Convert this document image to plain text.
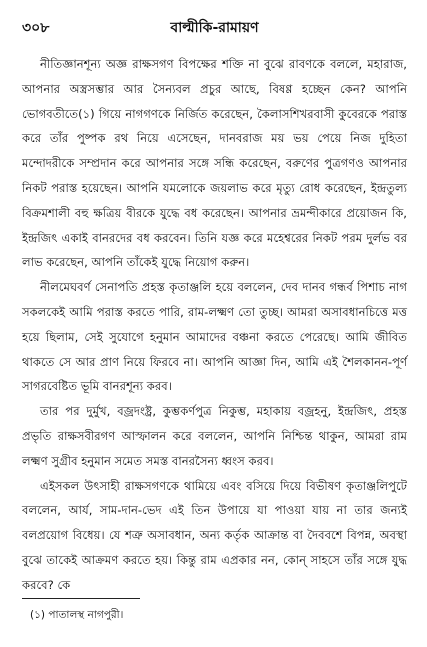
৩০৮	বাল্মীকি-রামায়ণ

নীতিজ্ঞানশূন্য অজ্ঞ রাক্ষসগণ বিপক্ষের শক্তি না বুঝে রাবণকে বললে, মহারাজ, আপনার অস্ত্রসম্ভার আর সৈন্যবল প্রচুর আছে, বিষণ্ণ হচ্ছেন কেন? আপনি ভোগবতীতে(১) গিয়ে নাগগণকে নির্জিত করেছেন, কৈলাসশিখরবাসী কুবেরকে পরাস্ত করে তাঁর পুষ্পক রথ নিয়ে এসেছেন, দানবরাজ ময় ভয় পেয়ে নিজ দুহিতা মন্দোদরীকে সম্প্রদান করে আপনার সঙ্গে সন্ধি করেছেন, বরুণের পুত্রগণও আপনার নিকট পরাস্ত হয়েছেন। আপনি যমলোকে জয়লাভ করে মৃত্যু রোধ করেছেন, ইন্দ্রতুল্য বিক্রমশালী বহু ক্ষত্রিয় বীরকে যুদ্ধে বধ করেছেন। আপনার ভ্রমন্দীকারে প্রয়োজন কি, ইন্দ্রজিৎ একাই বানরদের বধ করবেন। তিনি যজ্ঞ করে মহেশ্বরের নিকট পরম দুর্লভ বর লাভ করেছেন, আপনি তাঁকেই যুদ্ধে নিয়োগ করুন।

নীলমেঘবর্ণ সেনাপতি প্রহস্ত কৃতাঞ্জলি হয়ে বললেন, দেব দানব গন্ধর্ব পিশাচ নাগ সকলকেই আমি পরাস্ত করতে পারি, রাম-লক্ষ্মণ তো তুচ্ছ। আমরা অসাবধানচিত্তে মত্ত হয়ে ছিলাম, সেই সুযোগে হনুমান আমাদের বঞ্চনা করতে পেরেছে। আমি জীবিত থাকতে সে আর প্রাণ নিয়ে ফিরবে না। আপনি আজ্ঞা দিন, আমি এই শৈলকানন-পূর্ণ সাগরবেষ্টিত ভূমি বানরশূন্য করব।

তার পর দুর্মুখ, বজ্রদংষ্ট্র, কুম্ভকর্ণপুত্র নিকুম্ভ, মহাকায় বজ্রহনু, ইন্দ্রজিৎ, প্রহস্ত প্রভৃতি রাক্ষসবীরগণ আস্ফালন করে বললেন, আপনি নিশ্চিন্ত থাকুন, আমরা রাম লক্ষ্মণ সুগ্রীব হনুমান সমেত সমস্ত বানরসৈন্য ধ্বংস করব।

এইসকল উৎসাহী রাক্ষসগণকে থামিয়ে এবং বসিয়ে দিয়ে বিভীষণ কৃতাঞ্জলিপুটে বললেন, আর্য, সাম-দান-ভেদ এই তিন উপায়ে যা পাওয়া যায় না তার জন্যই বলপ্রয়োগ বিধেয়। যে শত্রু অসাবধান, অন্য কর্তৃক আক্রান্ত বা দৈববশে বিপন্ন, অবস্থা বুঝে তাকেই আক্রমণ করতে হয়। কিন্তু রাম এপ্রকার নন, কোন্ সাহসে তাঁর সঙ্গে যুদ্ধ করবে? কে

(১) পাতালস্থ নাগপুরী।
